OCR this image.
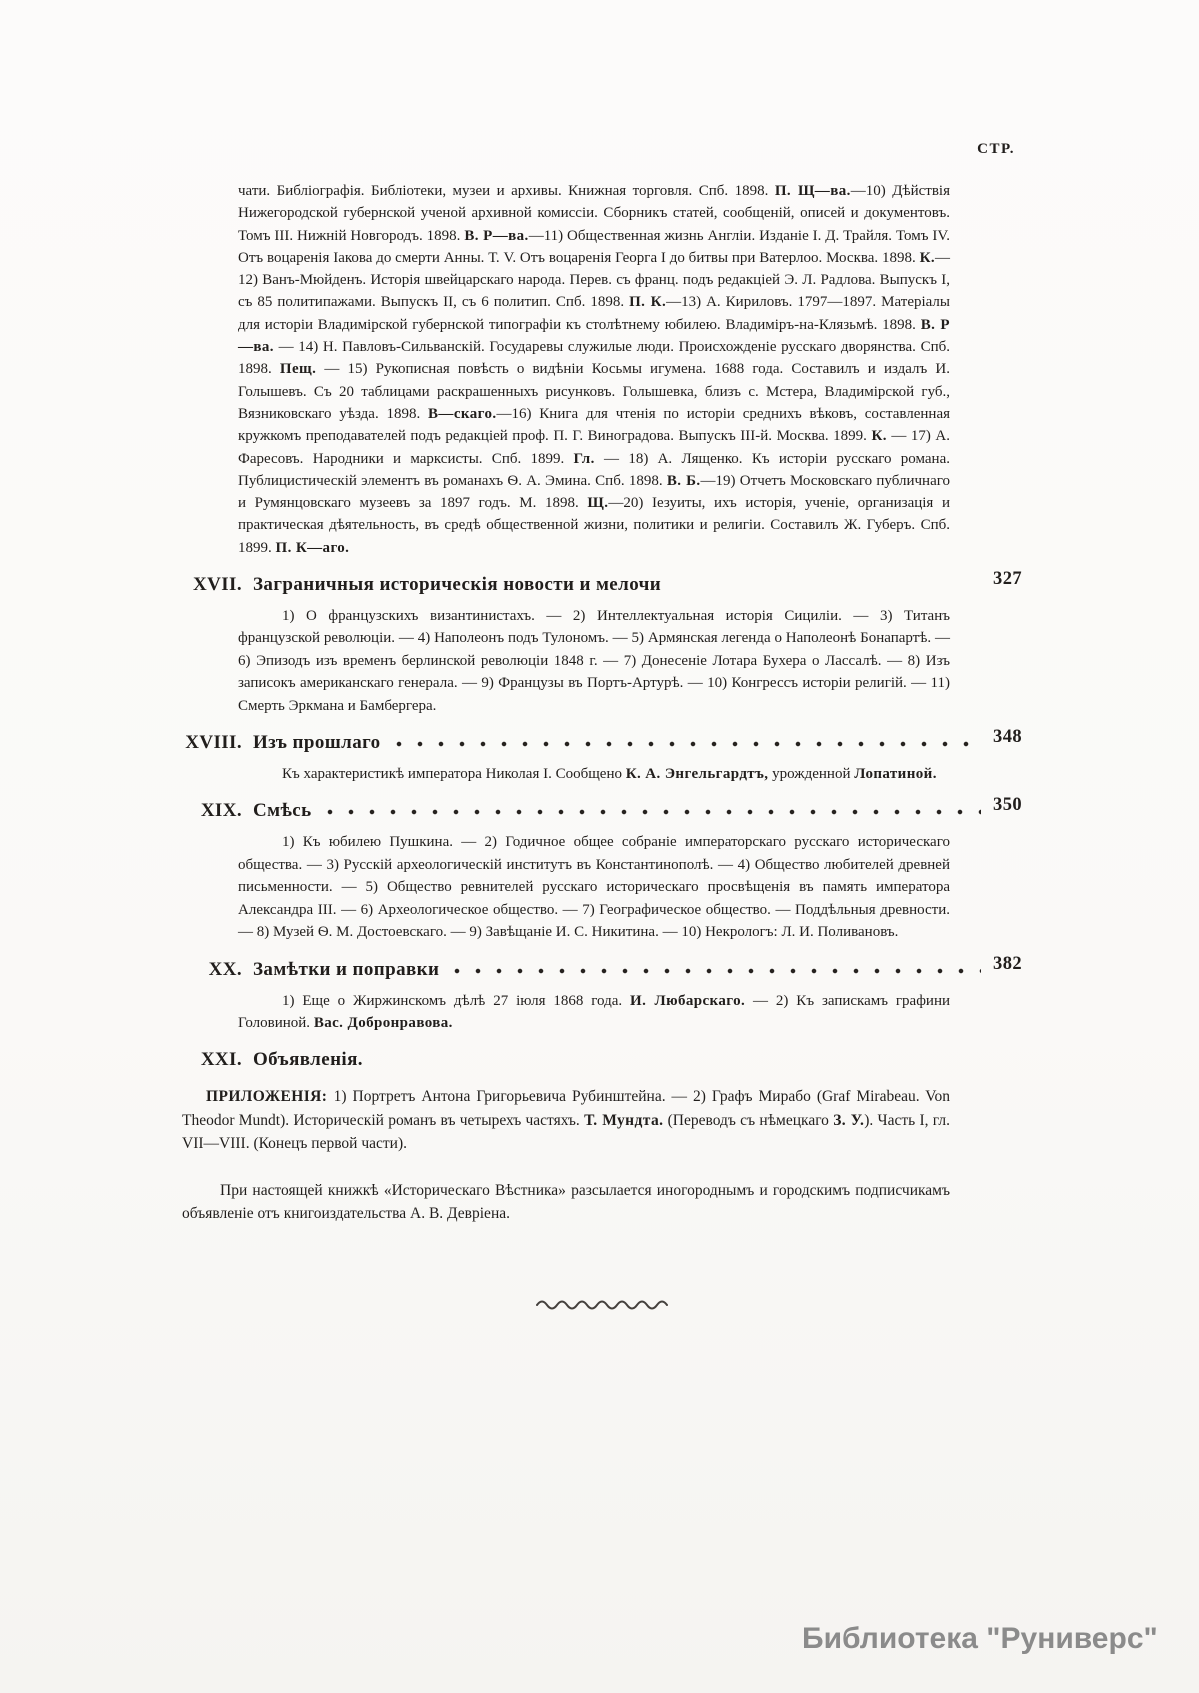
СТР.

чати. Библіографія. Библіотеки, музеи и архивы. Книжная торговля. Спб. 1898. П. Щ—ва.—10) Дѣйствія Нижегородской губернской ученой архивной комиссіи. Сборникъ статей, сообщеній, описей и документовъ. Томъ III. Нижній Новгородъ. 1898. В. Р—ва.—11) Общественная жизнь Англіи. Изданіе І. Д. Трайля. Томъ IV. Отъ воцаренія Іакова до смерти Анны. Т. V. Отъ воцаренія Георга I до битвы при Ватерлоо. Москва. 1898. К.—12) Ванъ-Мюйденъ. Исторія швейцарскаго народа. Перев. съ франц. подъ редакціей Э. Л. Радлова. Выпускъ I, съ 85 политипажами. Выпускъ II, съ 6 политип. Спб. 1898. П. К.—13) А. Кириловъ. 1797—1897. Матеріалы для исторіи Владимірской губернской типографіи къ столѣтнему юбилею. Владиміръ-на-Клязьмѣ. 1898. В. Р—ва. — 14) Н. Павловъ-Сильванскій. Государевы служилые люди. Происхожденіе русскаго дворянства. Спб. 1898. Пещ. — 15) Рукописная повѣсть о видѣніи Косьмы игумена. 1688 года. Составилъ и издалъ И. Голышевъ. Съ 20 таблицами раскрашенныхъ рисунковъ. Голышевка, близъ с. Мстера, Владимірской губ., Вязниковскаго уѣзда. 1898. В—скаго.—16) Книга для чтенія по исторіи среднихъ вѣковъ, составленная кружкомъ преподавателей подъ редакціей проф. П. Г. Виноградова. Выпускъ III-й. Москва. 1899. К. — 17) А. Фаресовъ. Народники и марксисты. Спб. 1899. Гл. — 18) А. Лященко. Къ исторіи русскаго романа. Публицистическій элементъ въ романахъ Ѳ. А. Эмина. Спб. 1898. В. Б.—19) Отчетъ Московскаго публичнаго и Румянцовскаго музеевъ за 1897 годъ. М. 1898. Щ.—20) Іезуиты, ихъ исторія, ученіе, организація и практическая дѣятельность, въ средѣ общественной жизни, политики и религіи. Составилъ Ж. Губеръ. Спб. 1899. П. К—аго.

XVII. Заграничныя историческія новости и мелочи	327

1) О французскихъ византинистахъ. — 2) Интеллектуальная исторія Сициліи. — 3) Титанъ французской революціи. — 4) Наполеонъ подъ Тулономъ. — 5) Армянская легенда о Наполеонѣ Бонапартѣ. — 6) Эпизодъ изъ временъ берлинской революціи 1848 г. — 7) Донесеніе Лотара Бухера о Лассалѣ. — 8) Изъ записокъ американскаго генерала. — 9) Французы въ Портъ-Артурѣ. — 10) Конгрессъ исторіи религій. — 11) Смерть Эркмана и Бамбергера.

XVIII. Изъ прошлаго	348

Къ характеристикѣ императора Николая I. Сообщено К. А. Энгельгардтъ, урожденной Лопатиной.

XIX. Смѣсь	350

1) Къ юбилею Пушкина. — 2) Годичное общее собраніе императорскаго русскаго историческаго общества. — 3) Русскій археологическій институтъ въ Константинополѣ. — 4) Общество любителей древней письменности. — 5) Общество ревнителей русскаго историческаго просвѣщенія въ память императора Александра III. — 6) Археологическое общество. — 7) Географическое общество. — Поддѣльныя древности. — 8) Музей Ѳ. М. Достоевскаго. — 9) Завѣщаніе И. С. Никитина. — 10) Некрологъ: Л. И. Поливановъ.

XX. Замѣтки и поправки	382

1) Еще о Жиржинскомъ дѣлѣ 27 іюля 1868 года. И. Любарскаго. — 2) Къ запискамъ графини Головиной. Вас. Добронравова.

XXI. Объявленія.

ПРИЛОЖЕНІЯ: 1) Портретъ Антона Григорьевича Рубинштейна. — 2) Графъ Мирабо (Graf Mirabeau. Von Theodor Mundt). Историческій романъ въ четырехъ частяхъ. Т. Мундта. (Переводъ съ нѣмецкаго З. У.). Часть I, гл. VII—VIII. (Конецъ первой части).

При настоящей книжкѣ «Историческаго Вѣстника» разсылается иногороднымъ и городскимъ подписчикамъ объявленіе отъ книгоиздательства А. В. Девріена.

Библиотека "Руниверс"
